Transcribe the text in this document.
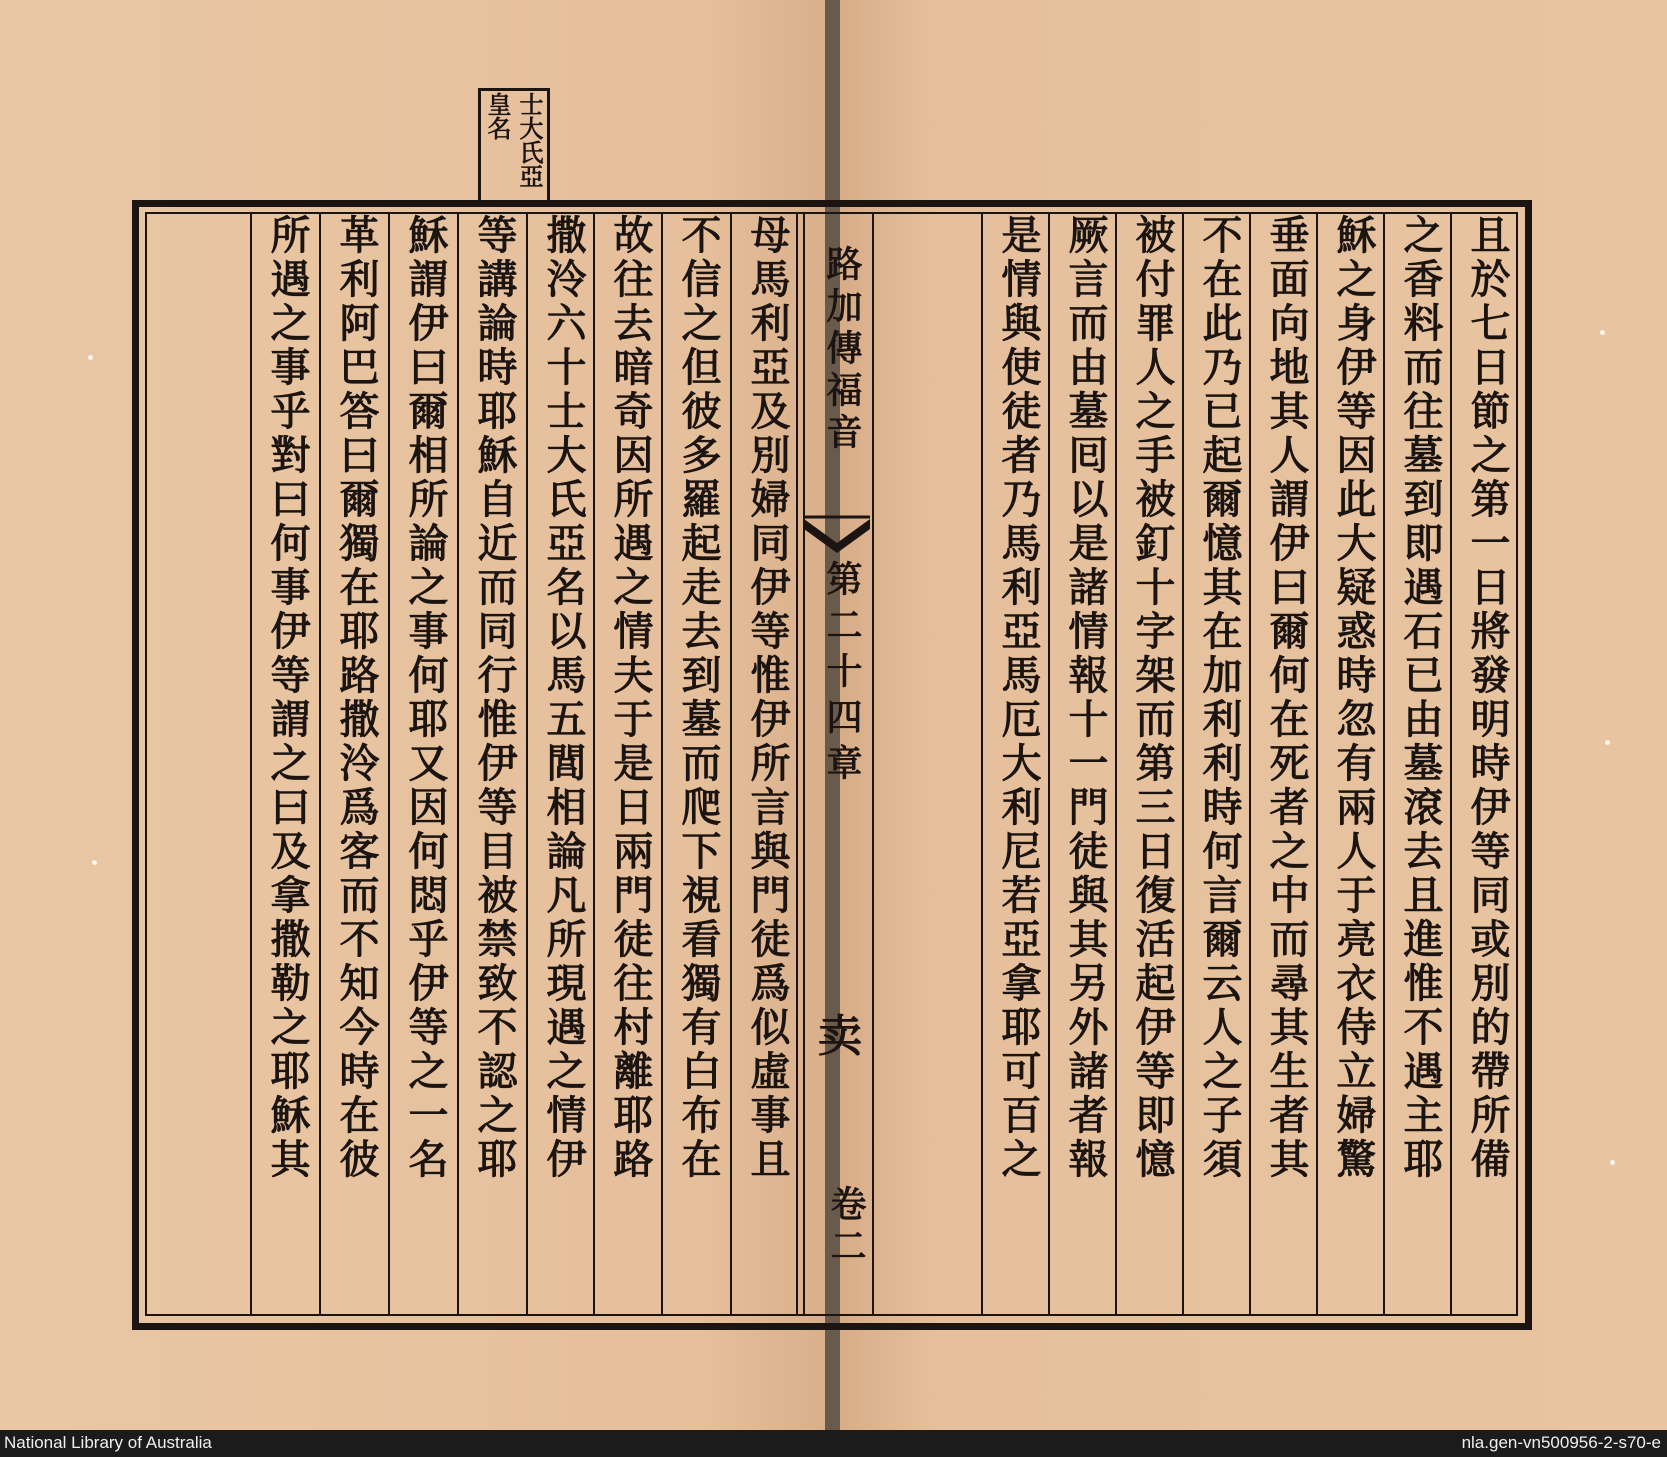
士大氏亞
皇名
且於七日節之第一日將發明時伊等同或別的帶所備
之香料而往墓到即遇石已由墓滾去且進惟不遇主耶
穌之身伊等因此大疑惑時忽有兩人于亮衣侍立婦驚
垂面向地其人謂伊曰爾何在死者之中而尋其生者其
不在此乃已起爾憶其在加利利時何言爾云人之子須
被付罪人之手被釘十字架而第三日復活起伊等即憶
厥言而由墓囘以是諸情報十一門徒與其另外諸者報
是情與使徒者乃馬利亞馬厄大利尼若亞拿耶可百之
路加傳福音
第二十四章
卖
卷二
母馬利亞及別婦同伊等惟伊所言與門徒爲似虛事且
不信之但彼多羅起走去到墓而爬下視看獨有白布在
故往去暗奇因所遇之情夫于是日兩門徒往村離耶路
撒泠六十士大氏亞名以馬五閭相論凡所現遇之情伊
等講論時耶穌自近而同行惟伊等目被禁致不認之耶
穌謂伊曰爾相所論之事何耶又因何悶乎伊等之一名
革利阿巴答曰爾獨在耶路撒泠爲客而不知今時在彼
所遇之事乎對曰何事伊等謂之曰及拿撒勒之耶穌其
National Library of Australia	nla.gen-vn500956-2-s70-e
